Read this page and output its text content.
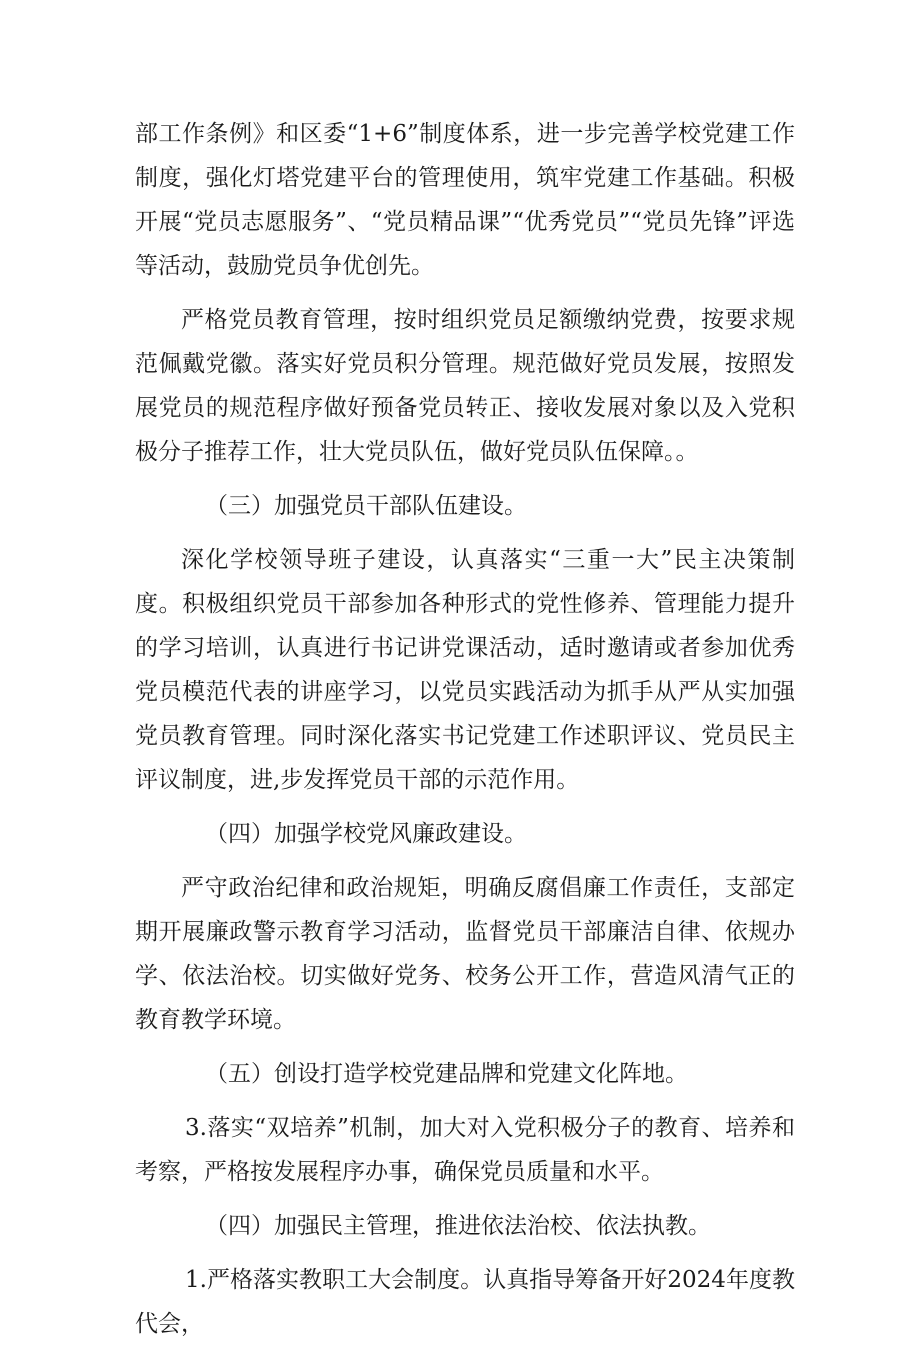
部工作条例》和区委“1+6”制度体系，进一步完善学校党建工作制度，强化灯塔党建平台的管理使用，筑牢党建工作基础。积极开展“党员志愿服务”、“党员精品课”“优秀党员”“党员先锋”评选等活动，鼓励党员争优创先。

严格党员教育管理，按时组织党员足额缴纳党费，按要求规范佩戴党徽。落实好党员积分管理。规范做好党员发展，按照发展党员的规范程序做好预备党员转正、接收发展对象以及入党积极分子推荐工作，壮大党员队伍，做好党员队伍保障。。

（三）加强党员干部队伍建设。

深化学校领导班子建设，认真落实“三重一大”民主决策制度。积极组织党员干部参加各种形式的党性修养、管理能力提升的学习培训，认真进行书记讲党课活动，适时邀请或者参加优秀党员模范代表的讲座学习，以党员实践活动为抓手从严从实加强党员教育管理。同时深化落实书记党建工作述职评议、党员民主评议制度，进,步发挥党员干部的示范作用。

（四）加强学校党风廉政建设。

严守政治纪律和政治规矩，明确反腐倡廉工作责任，支部定期开展廉政警示教育学习活动，监督党员干部廉洁自律、依规办学、依法治校。切实做好党务、校务公开工作，营造风清气正的教育教学环境。

（五）创设打造学校党建品牌和党建文化阵地。

3.落实“双培养”机制，加大对入党积极分子的教育、培养和考察，严格按发展程序办事，确保党员质量和水平。

（四）加强民主管理，推进依法治校、依法执教。

1.严格落实教职工大会制度。认真指导筹备开好2024年度教代会，
